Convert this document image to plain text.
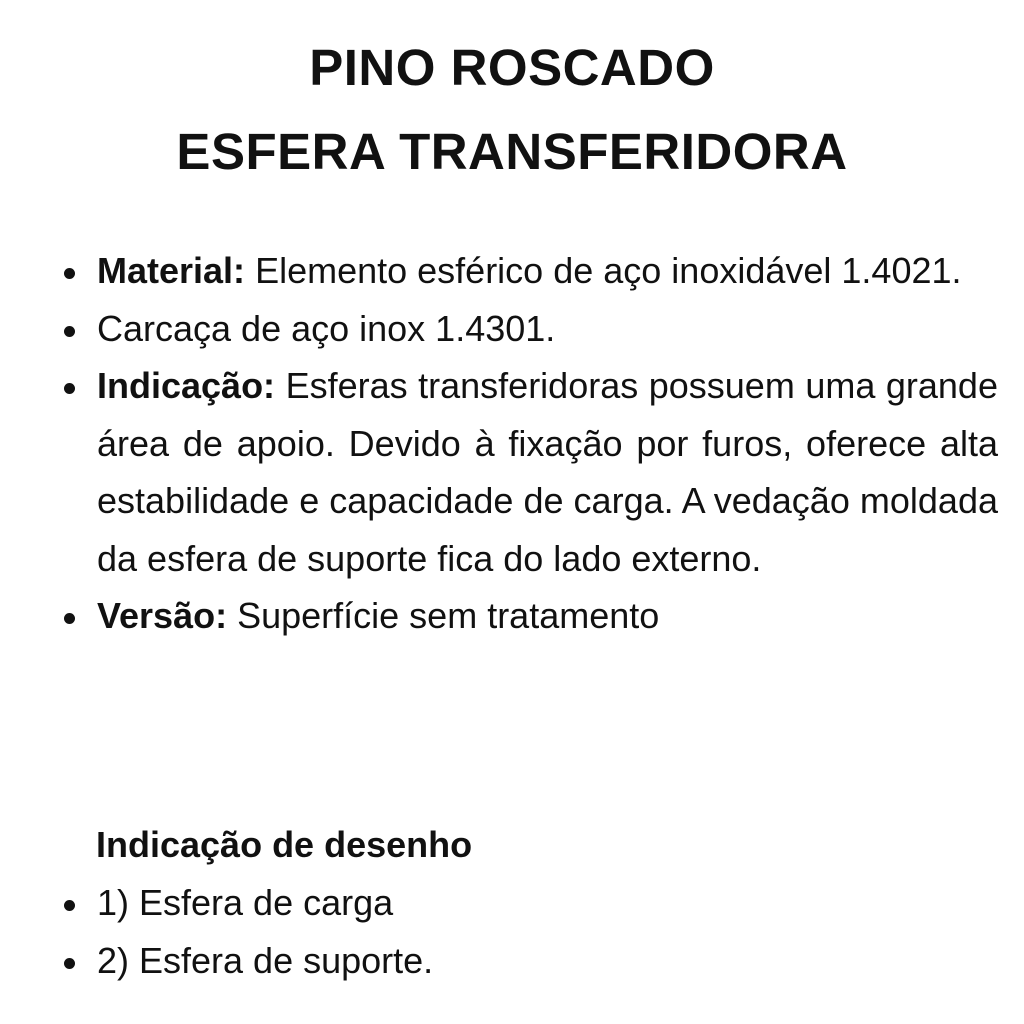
PINO ROSCADO
ESFERA TRANSFERIDORA
Material: Elemento esférico de aço inoxidável 1.4021.
Carcaça de aço inox 1.4301.
Indicação: Esferas transferidoras possuem uma grande área de apoio. Devido à fixação por furos, oferece alta estabilidade e capacidade de carga. A vedação moldada da esfera de suporte fica do lado externo.
Versão: Superfície sem tratamento
Indicação de desenho
1) Esfera de carga
2) Esfera de suporte.
